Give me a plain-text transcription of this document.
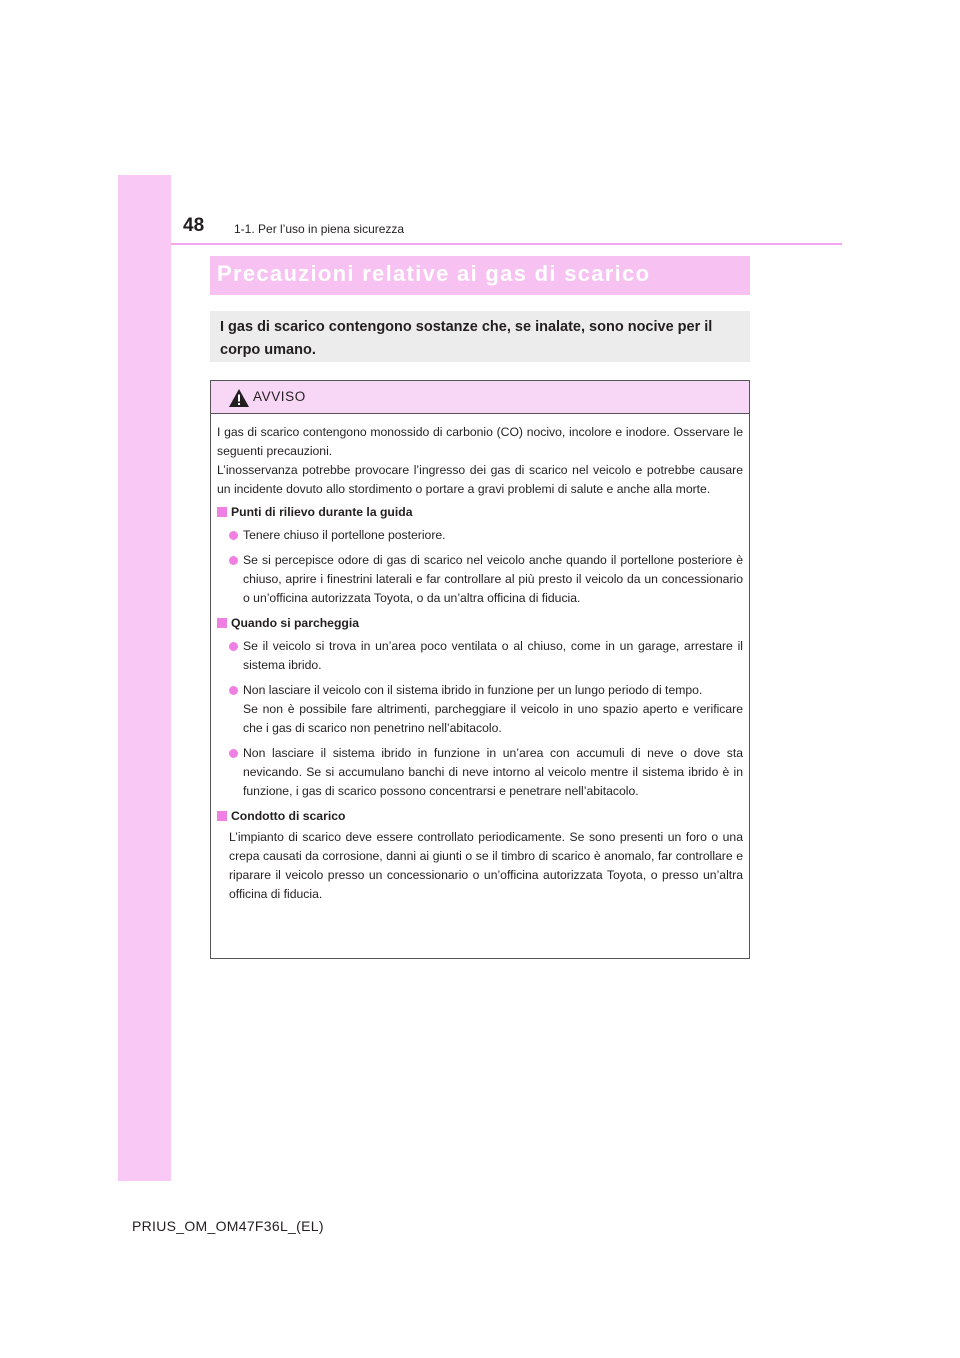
48 1-1. Per l’uso in piena sicurezza
Precauzioni relative ai gas di scarico
I gas di scarico contengono sostanze che, se inalate, sono nocive per il corpo umano.
AVVISO

I gas di scarico contengono monossido di carbonio (CO) nocivo, incolore e inodore. Osservare le seguenti precauzioni.
L’inosservanza potrebbe provocare l’ingresso dei gas di scarico nel veicolo e potrebbe causare un incidente dovuto allo stordimento o portare a gravi problemi di salute e anche alla morte.

Punti di rilievo durante la guida
Tenere chiuso il portellone posteriore.
Se si percepisce odore di gas di scarico nel veicolo anche quando il portellone posteriore è chiuso, aprire i finestrini laterali e far controllare al più presto il veicolo da un concessionario o un’officina autorizzata Toyota, o da un’altra officina di fiducia.
Quando si parcheggia
Se il veicolo si trova in un’area poco ventilata o al chiuso, come in un garage, arrestare il sistema ibrido.
Non lasciare il veicolo con il sistema ibrido in funzione per un lungo periodo di tempo.
Se non è possibile fare altrimenti, parcheggiare il veicolo in uno spazio aperto e verificare che i gas di scarico non penetrino nell’abitacolo.
Non lasciare il sistema ibrido in funzione in un’area con accumuli di neve o dove sta nevicando. Se si accumulano banchi di neve intorno al veicolo mentre il sistema ibrido è in funzione, i gas di scarico possono concentrarsi e penetrare nell’abitacolo.
Condotto di scarico

L’impianto di scarico deve essere controllato periodicamente. Se sono presenti un foro o una crepa causati da corrosione, danni ai giunti o se il timbro di scarico è anomalo, far controllare e riparare il veicolo presso un concessionario o un’officina autorizzata Toyota, o presso un’altra officina di fiducia.

PRIUS_OM_OM47F36L_(EL)
